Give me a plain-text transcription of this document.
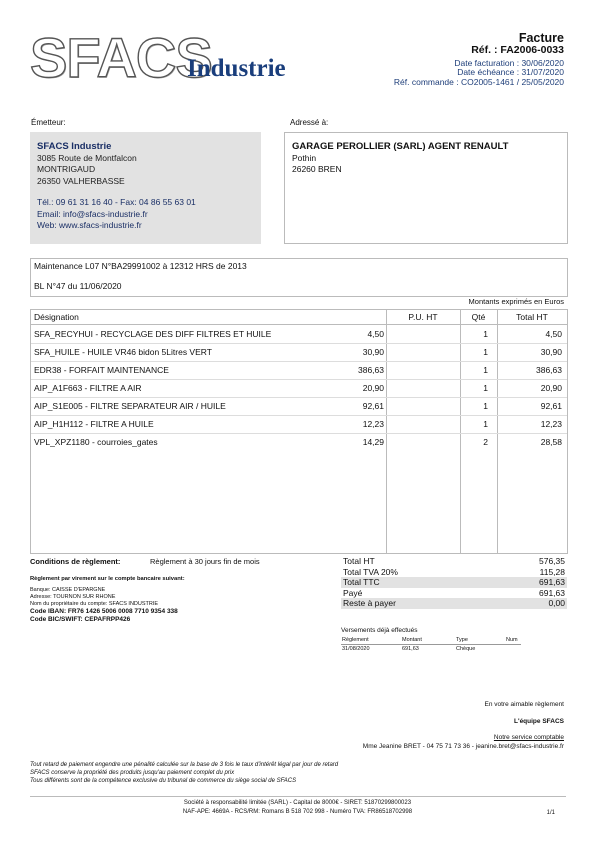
SFACS
Industrie
Facture
Réf. : FA2006-0033
Date facturation : 30/06/2020
Date échéance : 31/07/2020
Réf. commande : CO2005-1461 / 25/05/2020
Émetteur:
SFACS Industrie
3085 Route de Montfalcon
MONTRIGAUD
26350 VALHERBASSE
Tél.: 09 61 31 16 40 - Fax: 04 86 55 63 01
Email: info@sfacs-industrie.fr
Web: www.sfacs-industrie.fr
Adressé à:
GARAGE PEROLLIER (SARL) AGENT RENAULT
Pothin
26260 BREN
Maintenance L07 N°BA29991002 à 12312 HRS de 2013
BL N°47 du 11/06/2020
Montants exprimés en Euros
Désignation	P.U. HT	Qté	Total HT
SFA_RECYHUI - RECYCLAGE DES DIFF FILTRES ET HUILE	4,50	1	4,50
SFA_HUILE - HUILE VR46 bidon 5Litres VERT	30,90	1	30,90
EDR38 - FORFAIT MAINTENANCE	386,63	1	386,63
AIP_A1F663 - FILTRE A AIR	20,90	1	20,90
AIP_S1E005 - FILTRE SEPARATEUR AIR / HUILE	92,61	1	92,61
AIP_H1H112 - FILTRE A HUILE	12,23	1	12,23
VPL_XPZ1180 - courroies_gates	14,29	2	28,58
Conditions de règlement:	Règlement à 30 jours fin de mois
Règlement par virement sur le compte bancaire suivant:
Banque: CAISSE D'EPARGNE
Adresse: TOURNON SUR RHONE
Nom du propriétaire du compte: SFACS INDUSTRIE
Code IBAN: FR76 1426 5006 0008 7710 9354 338
Code BIC/SWIFT: CEPAFRPP426
Total HT	576,35
Total TVA 20%	115,28
Total TTC	691,63
Payé	691,63
Reste à payer	0,00
Versements déjà effectués
Règlement	Montant	Type	Num
31/08/2020	691,63	Chèque
En votre aimable règlement
L'équipe SFACS
Notre service comptable
Mme Jeanine BRET - 04 75 71 73 36 - jeanine.bret@sfacs-industrie.fr
Tout retard de paiement engendre une pénalité calculée sur la base de 3 fois le taux d'intérêt légal par jour de retard
SFACS conserve la propriété des produits jusqu'au paiement complet du prix
Tous différents sont de la compétence exclusive du tribunal de commerce du siège social de SFACS
Société à responsabilité limitée (SARL) - Capital de 8000€ - SIRET: 51870299800023
NAF-APE: 4669A - RCS/RM: Romans B 518 702 998 - Numéro TVA: FR86518702998	1/1
